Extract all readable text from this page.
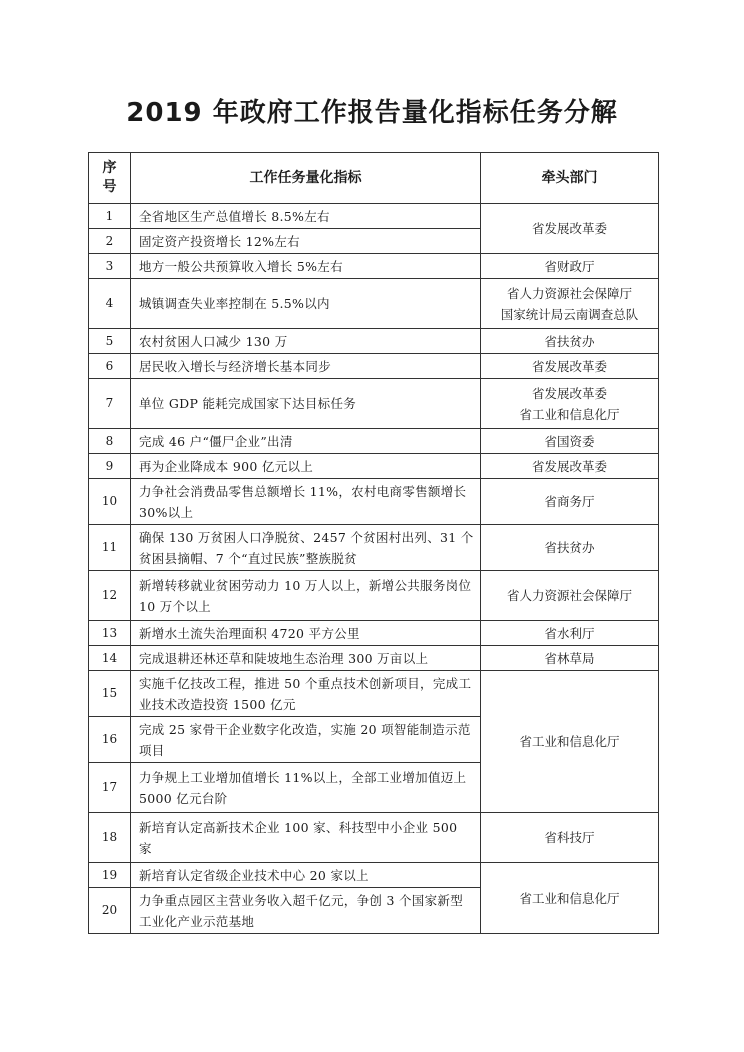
2019 年政府工作报告量化指标任务分解
序号	工作任务量化指标	牵头部门
1	全省地区生产总值增长 8.5%左右	省发展改革委
2	固定资产投资增长 12%左右	
3	地方一般公共预算收入增长 5%左右	省财政厅
4	城镇调查失业率控制在 5.5%以内	省人力资源社会保障厅
国家统计局云南调查总队

5	农村贫困人口减少 130 万	省扶贫办
6	居民收入增长与经济增长基本同步	省发展改革委
7	单位 GDP 能耗完成国家下达目标任务	省发展改革委
省工业和信息化厅

8	完成 46 户“僵尸企业”出清	省国资委
9	再为企业降成本 900 亿元以上	省发展改革委
10	力争社会消费品零售总额增长 11%，农村电商零售额增长 30%以上	省商务厅
11	确保 130 万贫困人口净脱贫、2457 个贫困村出列、31 个贫困县摘帽、7 个“直过民族”整族脱贫	省扶贫办
12	新增转移就业贫困劳动力 10 万人以上，新增公共服务岗位 10 万个以上	省人力资源社会保障厅
13	新增水土流失治理面积 4720 平方公里	省水利厅
14	完成退耕还林还草和陡坡地生态治理 300 万亩以上	省林草局
15	实施千亿技改工程，推进 50 个重点技术创新项目，完成工业技术改造投资 1500 亿元	省工业和信息化厅
16	完成 25 家骨干企业数字化改造，实施 20 项智能制造示范项目	
17	力争规上工业增加值增长 11%以上，全部工业增加值迈上 5000 亿元台阶	
18	新培育认定高新技术企业 100 家、科技型中小企业 500 家	省科技厅
19	新培育认定省级企业技术中心 20 家以上	省工业和信息化厅
20	力争重点园区主营业务收入超千亿元，争创 3 个国家新型工业化产业示范基地	
